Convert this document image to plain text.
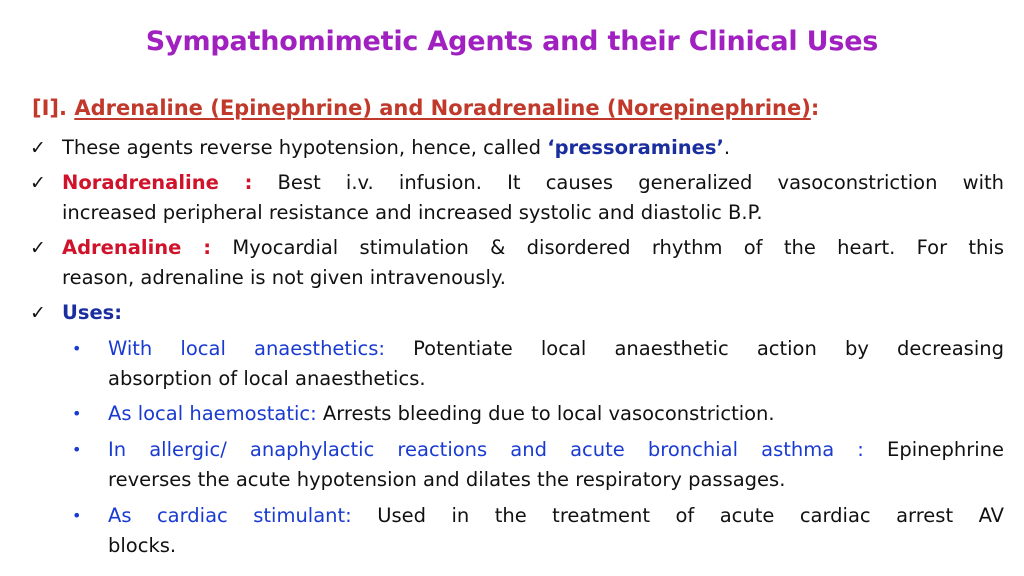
Sympathomimetic Agents and their Clinical Uses
[I]. Adrenaline (Epinephrine) and Noradrenaline (Norepinephrine):
✓ These agents reverse hypotension, hence, called ‘pressoramines’.
✓ Noradrenaline : Best i.v. infusion. It causes generalized vasoconstriction with
increased peripheral resistance and increased systolic and diastolic B.P.
✓ Adrenaline : Myocardial stimulation & disordered rhythm of the heart. For this
reason, adrenaline is not given intravenously.
✓ Uses:
• With local anaesthetics: Potentiate local anaesthetic action by decreasing
absorption of local anaesthetics.
• As local haemostatic: Arrests bleeding due to local vasoconstriction.
• In allergic/ anaphylactic reactions and acute bronchial asthma : Epinephrine
reverses the acute hypotension and dilates the respiratory passages.
• As cardiac stimulant: Used in the treatment of acute cardiac arrest AV
blocks.
